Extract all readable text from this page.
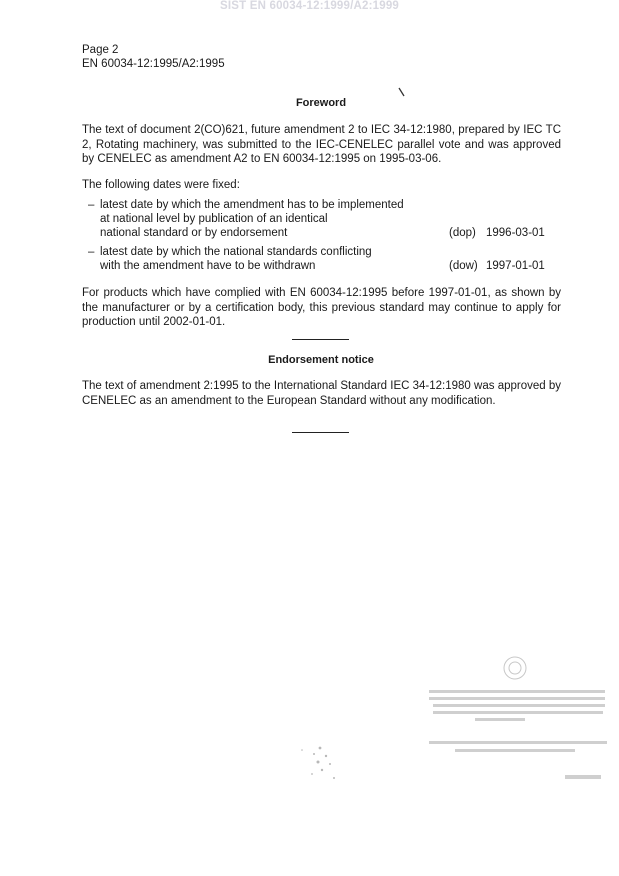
SIST EN 60034-12:1999/A2:1999
Page 2
EN 60034-12:1995/A2:1995
Foreword
The text of document 2(CO)621, future amendment 2 to IEC 34-12:1980, prepared by IEC TC 2, Rotating machinery, was submitted to the IEC-CENELEC parallel vote and was approved by CENELEC as amendment A2 to EN 60034-12:1995 on 1995-03-06.
The following dates were fixed:
– latest date by which the amendment has to be implemented
at national level by publication of an identical
national standard or by endorsement	(dop) 1996-03-01
– latest date by which the national standards conflicting
with the amendment have to be withdrawn	(dow) 1997-01-01
For products which have complied with EN 60034-12:1995 before 1997-01-01, as shown by the manufacturer or by a certification body, this previous standard may continue to apply for production until 2002-01-01.
Endorsement notice
The text of amendment 2:1995 to the International Standard IEC 34-12:1980 was approved by CENELEC as an amendment to the European Standard without any modification.
